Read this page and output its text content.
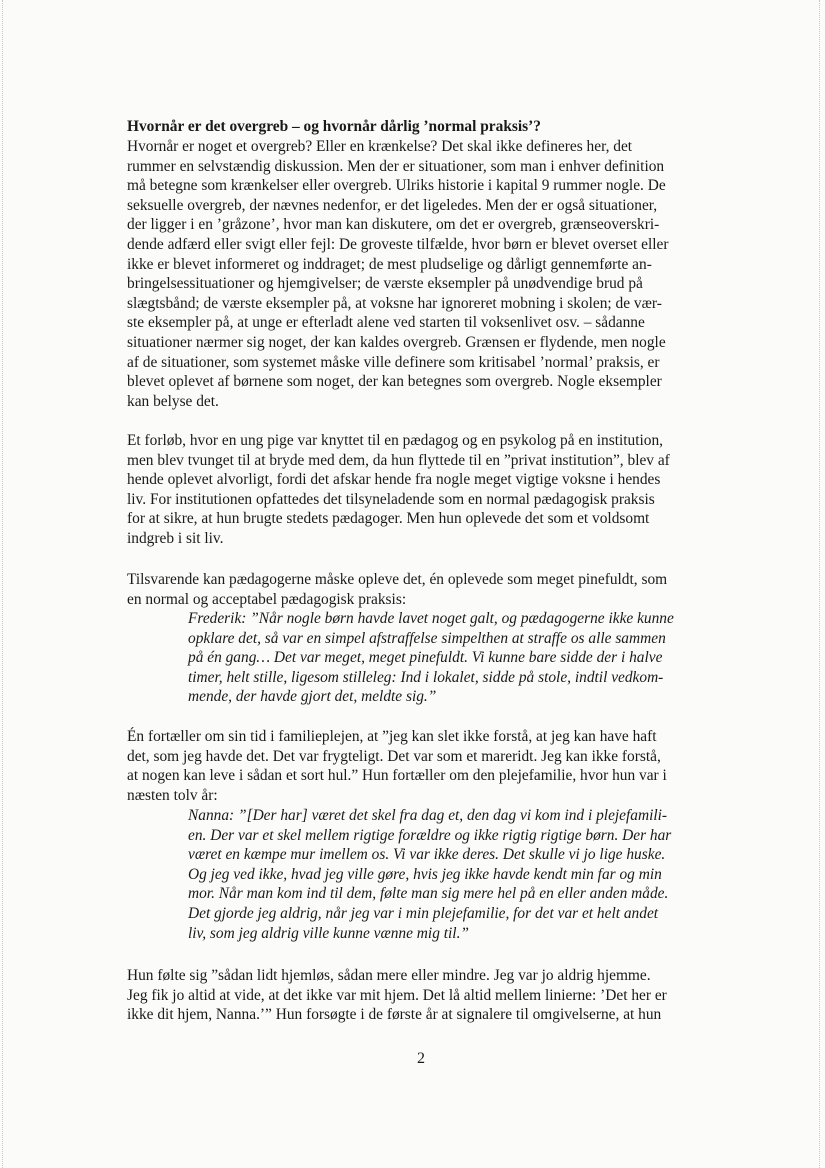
Hvornår er det overgreb – og hvornår dårlig ’normal praksis’?
Hvornår er noget et overgreb? Eller en krænkelse? Det skal ikke defineres her, det
rummer en selvstændig diskussion. Men der er situationer, som man i enhver definition
må betegne som krænkelser eller overgreb. Ulriks historie i kapital 9 rummer nogle. De
seksuelle overgreb, der nævnes nedenfor, er det ligeledes. Men der er også situationer,
der ligger i en ’gråzone’, hvor man kan diskutere, om det er overgreb, grænseoverskri-
dende adfærd eller svigt eller fejl: De groveste tilfælde, hvor børn er blevet overset eller
ikke er blevet informeret og inddraget; de mest pludselige og dårligt gennemførte an-
bringelsessituationer og hjemgivelser; de værste eksempler på unødvendige brud på
slægtsbånd; de værste eksempler på, at voksne har ignoreret mobning i skolen; de vær-
ste eksempler på, at unge er efterladt alene ved starten til voksenlivet osv. – sådanne
situationer nærmer sig noget, der kan kaldes overgreb. Grænsen er flydende, men nogle
af de situationer, som systemet måske ville definere som kritisabel ’normal’ praksis, er
blevet oplevet af børnene som noget, der kan betegnes som overgreb. Nogle eksempler
kan belyse det.
Et forløb, hvor en ung pige var knyttet til en pædagog og en psykolog på en institution,
men blev tvunget til at bryde med dem, da hun flyttede til en ”privat institution”, blev af
hende oplevet alvorligt, fordi det afskar hende fra nogle meget vigtige voksne i hendes
liv. For institutionen opfattedes det tilsyneladende som en normal pædagogisk praksis
for at sikre, at hun brugte stedets pædagoger. Men hun oplevede det som et voldsomt
indgreb i sit liv.
Tilsvarende kan pædagogerne måske opleve det, én oplevede som meget pinefuldt, som
en normal og acceptabel pædagogisk praksis:
Frederik: ”Når nogle børn havde lavet noget galt, og pædagogerne ikke kunne
opklare det, så var en simpel afstraffelse simpelthen at straffe os alle sammen
på én gang… Det var meget, meget pinefuldt. Vi kunne bare sidde der i halve
timer, helt stille, ligesom stilleleg: Ind i lokalet, sidde på stole, indtil vedkom-
mende, der havde gjort det, meldte sig.”
Én fortæller om sin tid i familieplejen, at ”jeg kan slet ikke forstå, at jeg kan have haft
det, som jeg havde det. Det var frygteligt. Det var som et mareridt. Jeg kan ikke forstå,
at nogen kan leve i sådan et sort hul.” Hun fortæller om den plejefamilie, hvor hun var i
næsten tolv år:
Nanna: ”[Der har] været det skel fra dag et, den dag vi kom ind i plejefamili-
en. Der var et skel mellem rigtige forældre og ikke rigtig rigtige børn. Der har
været en kæmpe mur imellem os. Vi var ikke deres. Det skulle vi jo lige huske.
Og jeg ved ikke, hvad jeg ville gøre, hvis jeg ikke havde kendt min far og min
mor. Når man kom ind til dem, følte man sig mere hel på en eller anden måde.
Det gjorde jeg aldrig, når jeg var i min plejefamilie, for det var et helt andet
liv, som jeg aldrig ville kunne vænne mig til.”
Hun følte sig ”sådan lidt hjemløs, sådan mere eller mindre. Jeg var jo aldrig hjemme.
Jeg fik jo altid at vide, at det ikke var mit hjem. Det lå altid mellem linierne: ’Det her er
ikke dit hjem, Nanna.’” Hun forsøgte i de første år at signalere til omgivelserne, at hun
2
